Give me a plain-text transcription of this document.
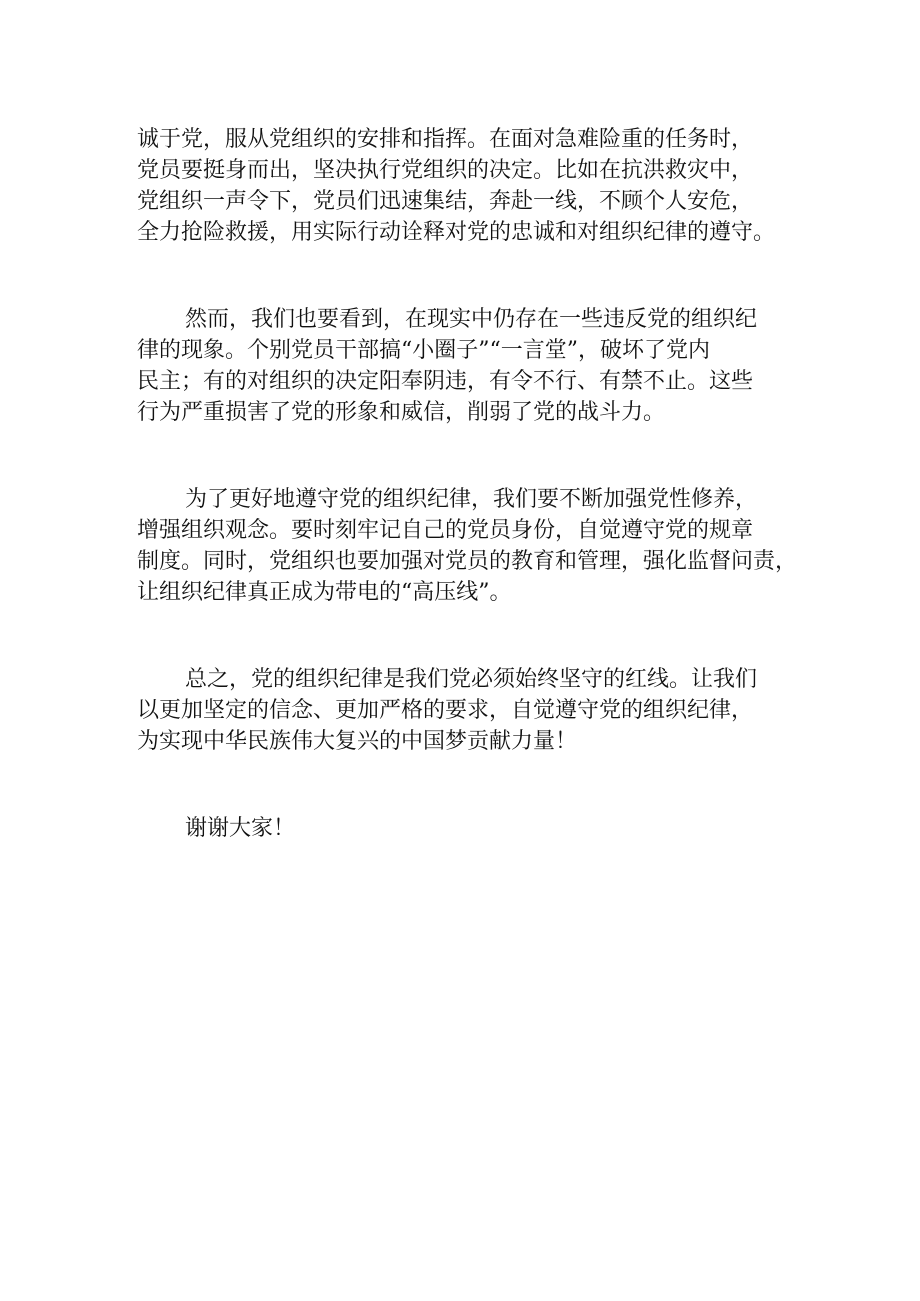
诚于党，服从党组织的安排和指挥。在面对急难险重的任务时，
党员要挺身而出，坚决执行党组织的决定。比如在抗洪救灾中，
党组织一声令下，党员们迅速集结，奔赴一线，不顾个人安危，
全力抢险救援，用实际行动诠释对党的忠诚和对组织纪律的遵守。

然而，我们也要看到，在现实中仍存在一些违反党的组织纪
律的现象。个别党员干部搞“小圈子”“一言堂”，破坏了党内
民主；有的对组织的决定阳奉阴违，有令不行、有禁不止。这些
行为严重损害了党的形象和威信，削弱了党的战斗力。

为了更好地遵守党的组织纪律，我们要不断加强党性修养，
增强组织观念。要时刻牢记自己的党员身份，自觉遵守党的规章
制度。同时，党组织也要加强对党员的教育和管理，强化监督问责，
让组织纪律真正成为带电的“高压线”。

总之，党的组织纪律是我们党必须始终坚守的红线。让我们
以更加坚定的信念、更加严格的要求，自觉遵守党的组织纪律，
为实现中华民族伟大复兴的中国梦贡献力量！

谢谢大家！
